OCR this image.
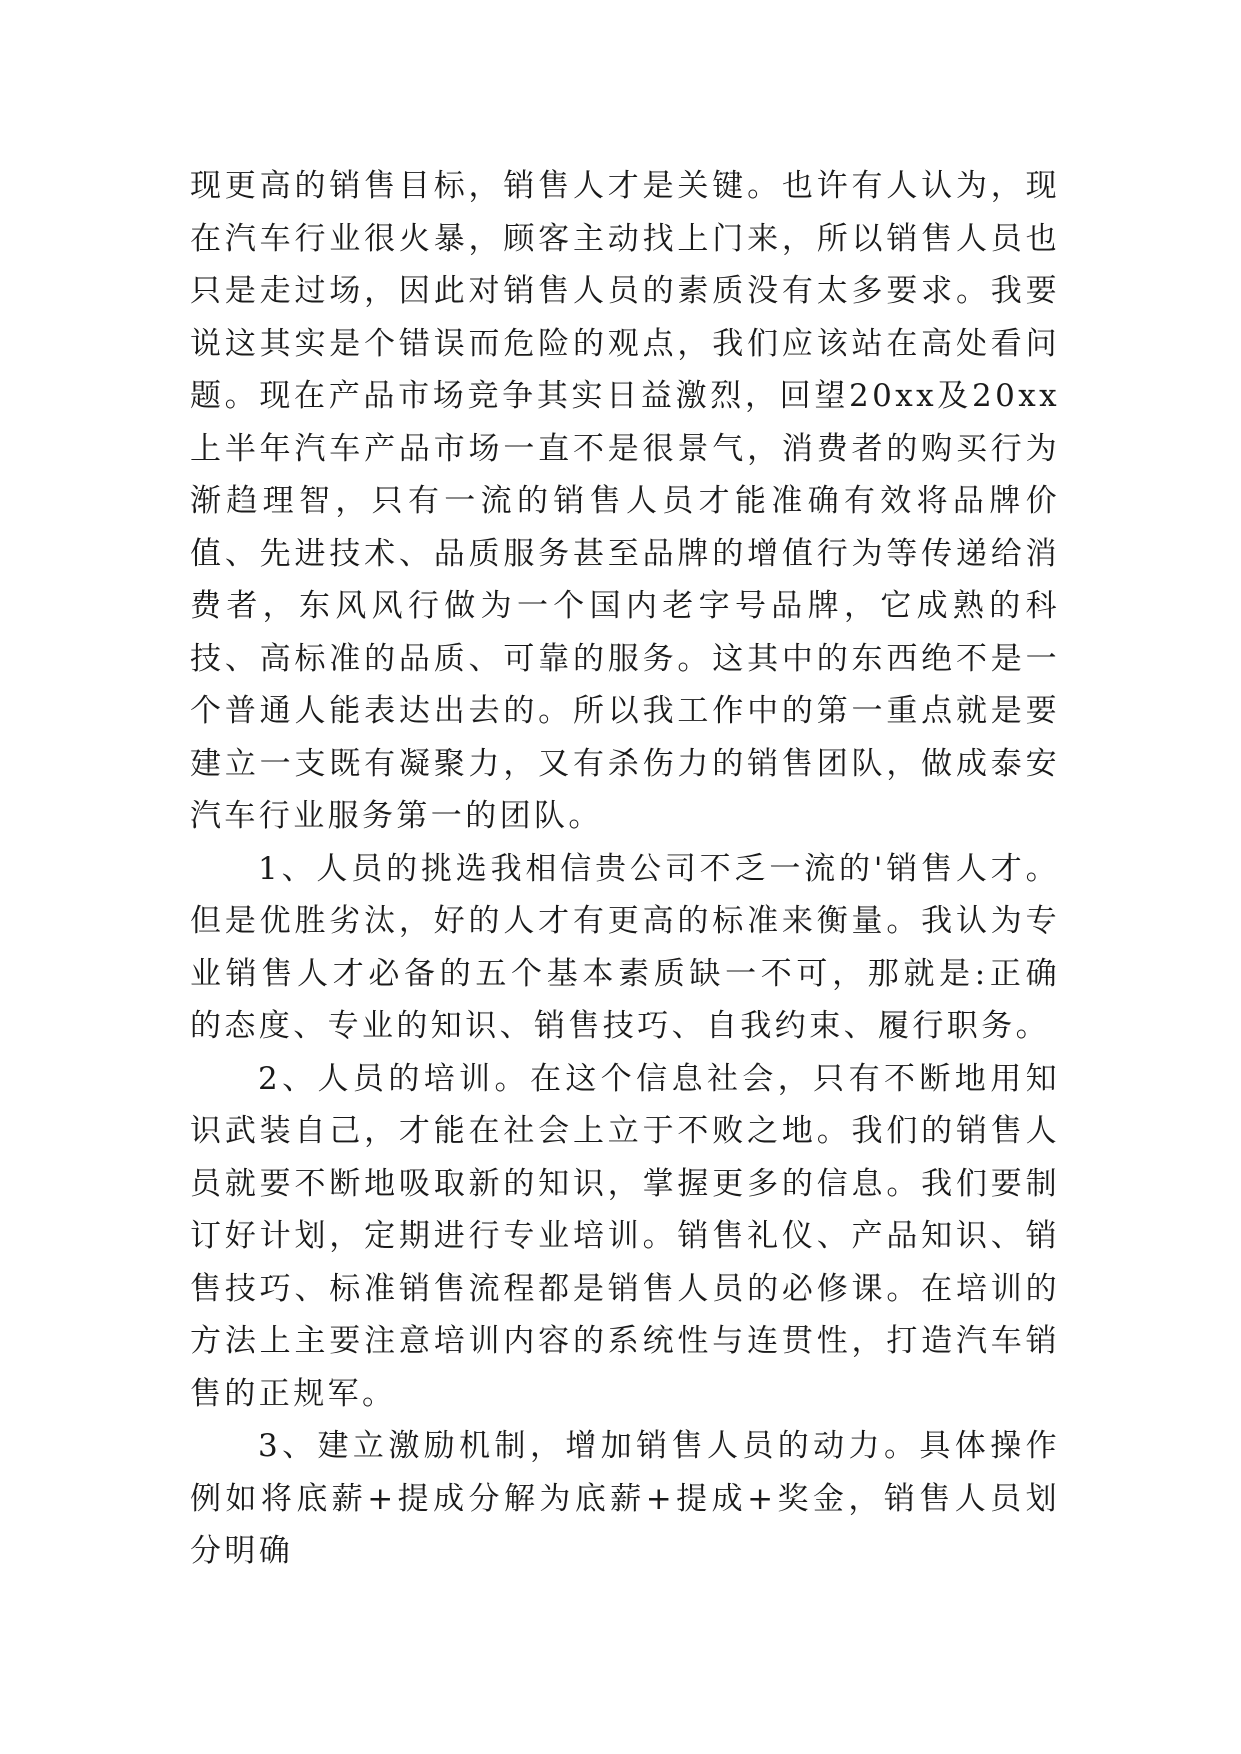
现更高的销售目标，销售人才是关键。也许有人认为，现在汽车行业很火暴，顾客主动找上门来，所以销售人员也只是走过场，因此对销售人员的素质没有太多要求。我要说这其实是个错误而危险的观点，我们应该站在高处看问题。现在产品市场竞争其实日益激烈，回望20xx及20xx上半年汽车产品市场一直不是很景气，消费者的购买行为渐趋理智，只有一流的销售人员才能准确有效将品牌价值、先进技术、品质服务甚至品牌的增值行为等传递给消费者，东风风行做为一个国内老字号品牌，它成熟的科技、高标准的品质、可靠的服务。这其中的东西绝不是一个普通人能表达出去的。所以我工作中的第一重点就是要建立一支既有凝聚力，又有杀伤力的销售团队，做成泰安汽车行业服务第一的团队。

1、人员的挑选我相信贵公司不乏一流的'销售人才。但是优胜劣汰，好的人才有更高的标准来衡量。我认为专业销售人才必备的五个基本素质缺一不可，那就是:正确的态度、专业的知识、销售技巧、自我约束、履行职务。

2、人员的培训。在这个信息社会，只有不断地用知识武装自己，才能在社会上立于不败之地。我们的销售人员就要不断地吸取新的知识，掌握更多的信息。我们要制订好计划，定期进行专业培训。销售礼仪、产品知识、销售技巧、标准销售流程都是销售人员的必修课。在培训的方法上主要注意培训内容的系统性与连贯性，打造汽车销售的正规军。

3、建立激励机制，增加销售人员的动力。具体操作例如将底薪+提成分解为底薪+提成+奖金，销售人员划分明确
